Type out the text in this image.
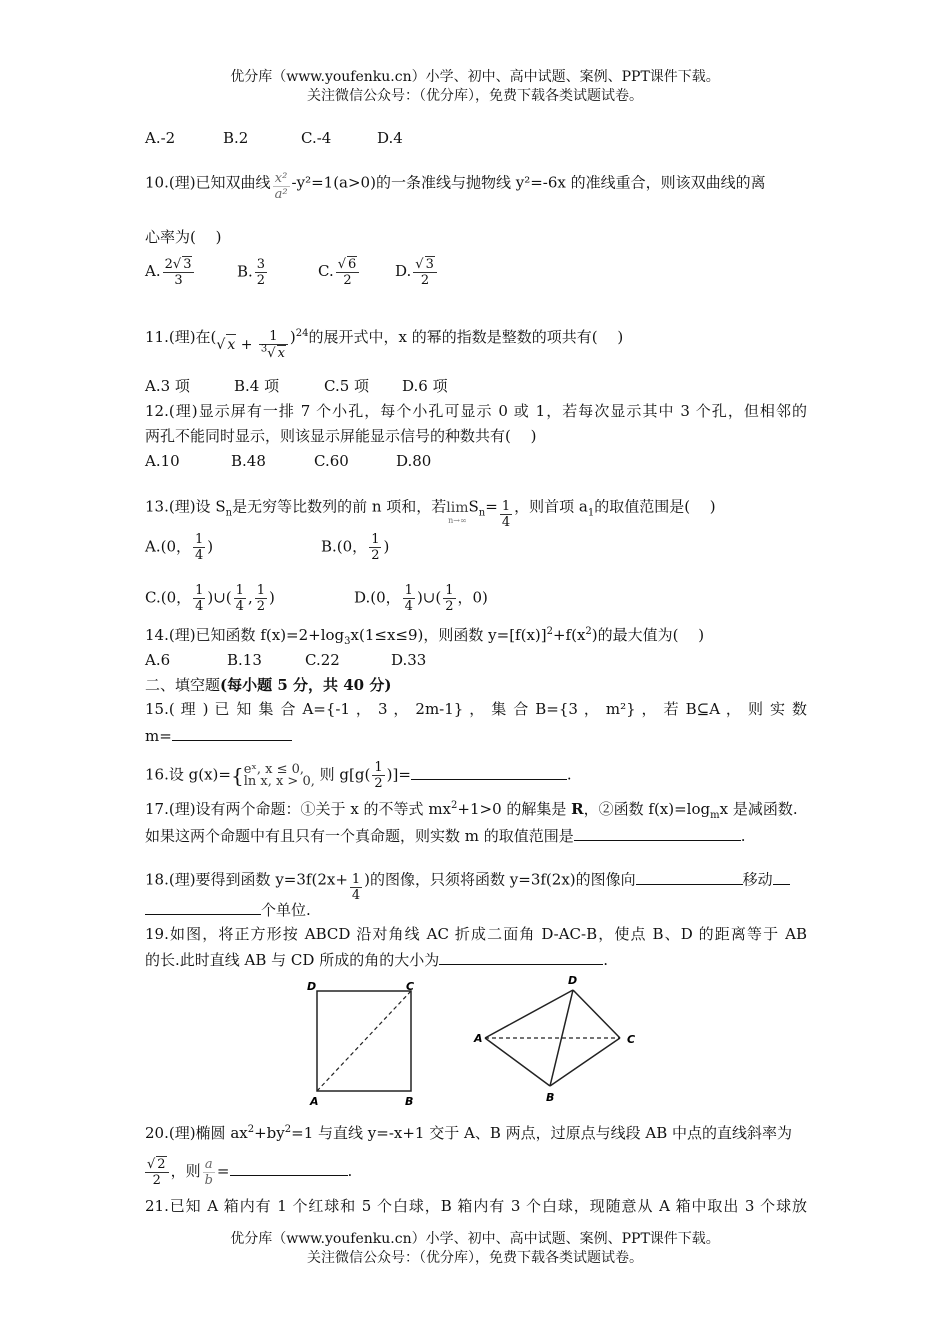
优分库（www.youfenku.cn）小学、初中、高中试题、案例、PPT课件下载。
关注微信公众号：（优分库），免费下载各类试题试卷。
A.-2	B.2	C.-4	D.4
10.(理)已知双曲线 $\frac{\text{x²}}{\text{a²}} -y^2=1(a>0)$的一条准线与抛物线 y²=-6x 的准线重合，则该双曲线的离
心率为(　 )
A. $\frac{2√ 3}{3}$	B. $\frac{3}{2}$	C. $\frac{√ 6}{2} D$. $\frac{√ 3}{2}$
11.(理)在(√ $x + \frac{1}{^3√ x} )^{24}$的展开式中，x 的幂的指数是整数的项共有(　 )
A.3 项	B.4 项	C.5 项 D.6 项
12.(理)显示屏有一排 7 个小孔，每个小孔可显示 0 或 1，若每次显示其中 3 个孔，但相邻的
两孔不能同时显示，则该显示屏能显示信号的种数共有(　 )
A.10	B.48	C.60	D.80
13.(理)设 $S_n$是无穷等比数列的前 n 项和，若 lim
n→∞
$S_n= \frac{1}{4}$ ，则首项 $a_1$的取值范围是(　 )
A.(0， $\frac{1}{4}$ )	B.(0， $\frac{1}{2}$ )
C.(0， $\frac{1}{4}$ )∪( $\frac{1}{4}$ , $\frac{1}{2}$ )	D.(0， $\frac{1}{4}$ )∪( $\frac{1}{2}$ ，0)
14.(理)已知函数 $f(x)=2+\log_3x(1\le x\le 9)$，则函数 $y=[f(x)]^2+f(x^2)$的最大值为(　 )
A.6	B.13	C.22	D.33
二、填空题(每小题 5 分，共 40 分)
15.( 理 ) 已 知 集 合 A={-1 ， 3 ， 2m-1} ， 集 合 B={3 ， m²} ， 若 B⊆A ， 则 实 数
m=
16.设 g(x)={ eˣ, x ≤ 0,
ln x, x > 0, 则 $g[g( \frac{1}{2}$ )]=	.
17.(理)设有两个命题：①关于 x 的不等式 $mx^2+1>0$ 的解集是 R，②函数 $f(x)=\log_mx$ 是减函数.
如果这两个命题中有且只有一个真命题，则实数 m 的取值范围是	.
18.(理)要得到函数 $y=3f(2x+ \frac{1}{4}$ )的图像，只须将函数 y=3f(2x)的图像向	移动
个单位.
19.如图，将正方形按 ABCD 沿对角线 AC 折成二面角 D-AC-B，使点 B、D 的距离等于 AB
的长.此时直线 AB 与 CD 所成的角的大小为	.
D	C
A	B
D
A	C
B
20.(理)椭圆 $ax^2+by^2=1$ 与直线 y=-x+1 交于 A、B 两点，过原点与线段 AB 中点的直线斜率为
$\frac{√ 2}{2}$ ，则 $\frac{a}{b}$ =	.
21.已知 A 箱内有 1 个红球和 5 个白球，B 箱内有 3 个白球，现随意从 A 箱中取出 3 个球放
优分库（www.youfenku.cn）小学、初中、高中试题、案例、PPT课件下载。
关注微信公众号：（优分库），免费下载各类试题试卷。
